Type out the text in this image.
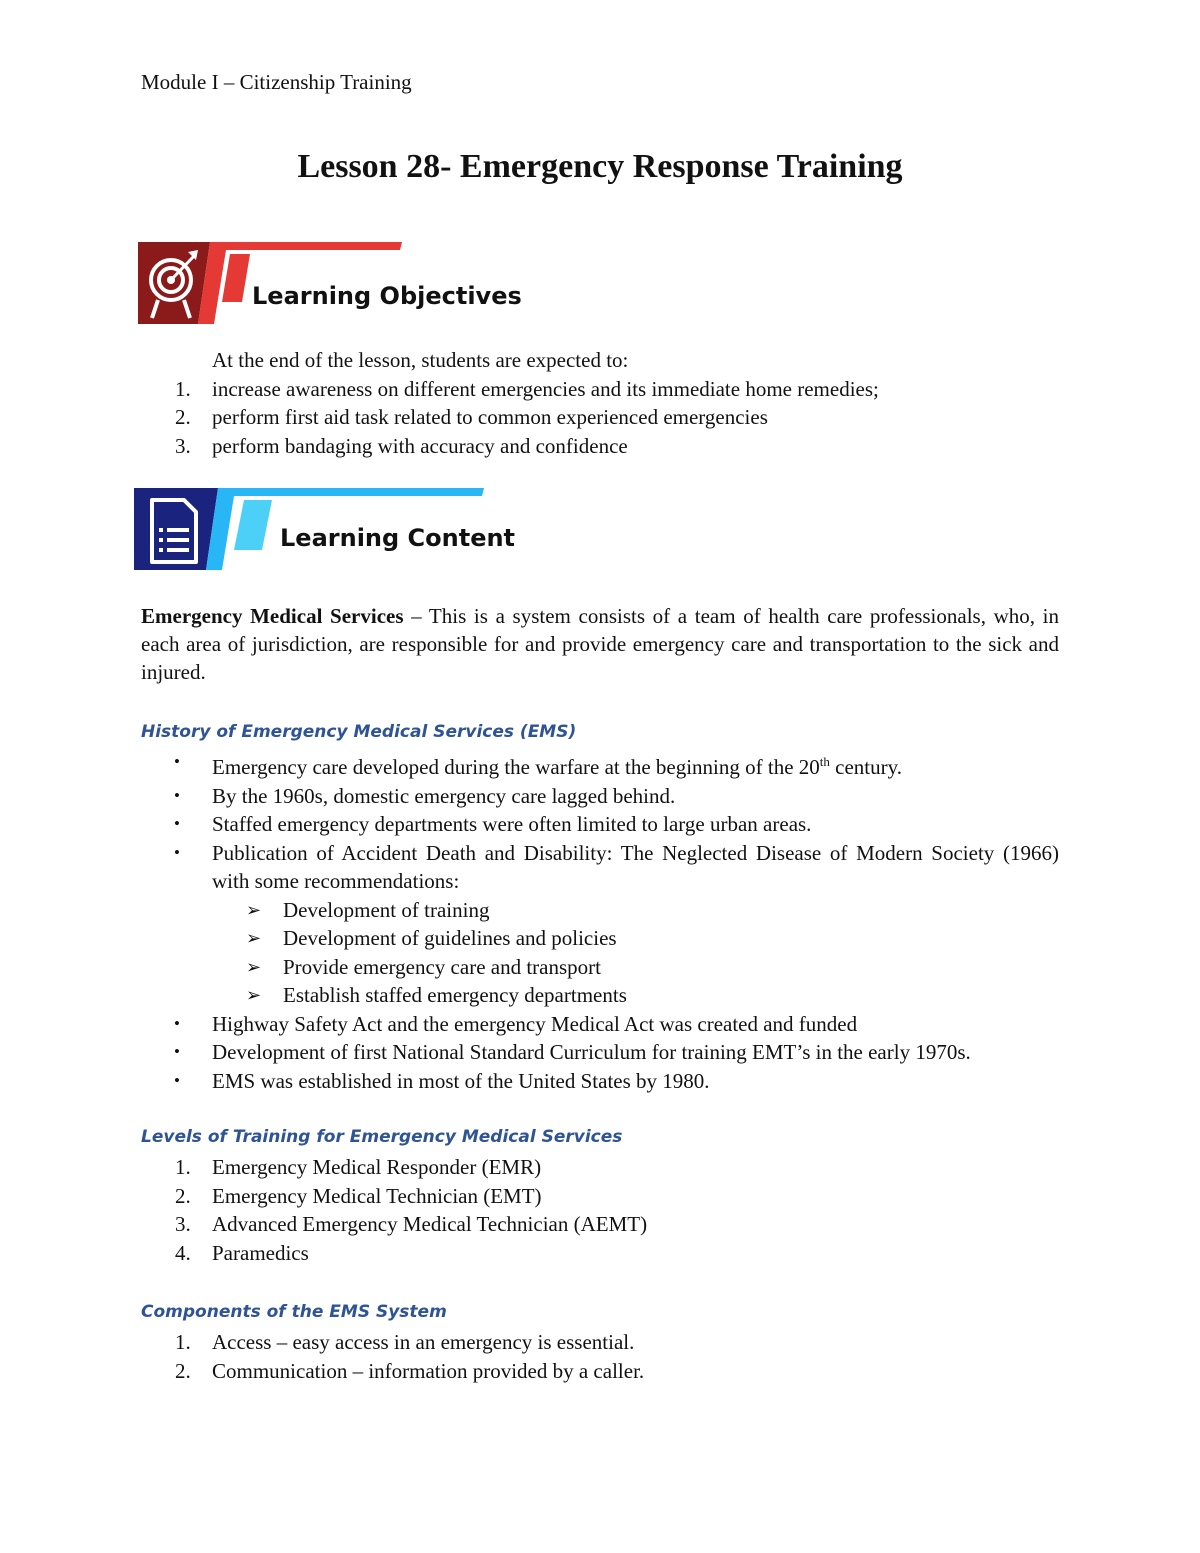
Module I – Citizenship Training
Lesson 28- Emergency Response Training
Learning Objectives
At the end of the lesson, students are expected to:
1. increase awareness on different emergencies and its immediate home remedies;
2. perform first aid task related to common experienced emergencies
3. perform bandaging with accuracy and confidence
Learning Content
Emergency Medical Services – This is a system consists of a team of health care professionals, who, in each area of jurisdiction, are responsible for and provide emergency care and transportation to the sick and injured.
History of Emergency Medical Services (EMS)
• Emergency care developed during the warfare at the beginning of the 20th century.
• By the 1960s, domestic emergency care lagged behind.
• Staffed emergency departments were often limited to large urban areas.
• Publication of Accident Death and Disability: The Neglected Disease of Modern Society (1966) with some recommendations:
➢ Development of training
➢ Development of guidelines and policies
➢ Provide emergency care and transport
➢ Establish staffed emergency departments
• Highway Safety Act and the emergency Medical Act was created and funded
• Development of first National Standard Curriculum for training EMT’s in the early 1970s.
• EMS was established in most of the United States by 1980.
Levels of Training for Emergency Medical Services
1. Emergency Medical Responder (EMR)
2. Emergency Medical Technician (EMT)
3. Advanced Emergency Medical Technician (AEMT)
4. Paramedics
Components of the EMS System
1. Access – easy access in an emergency is essential.
2. Communication – information provided by a caller.
